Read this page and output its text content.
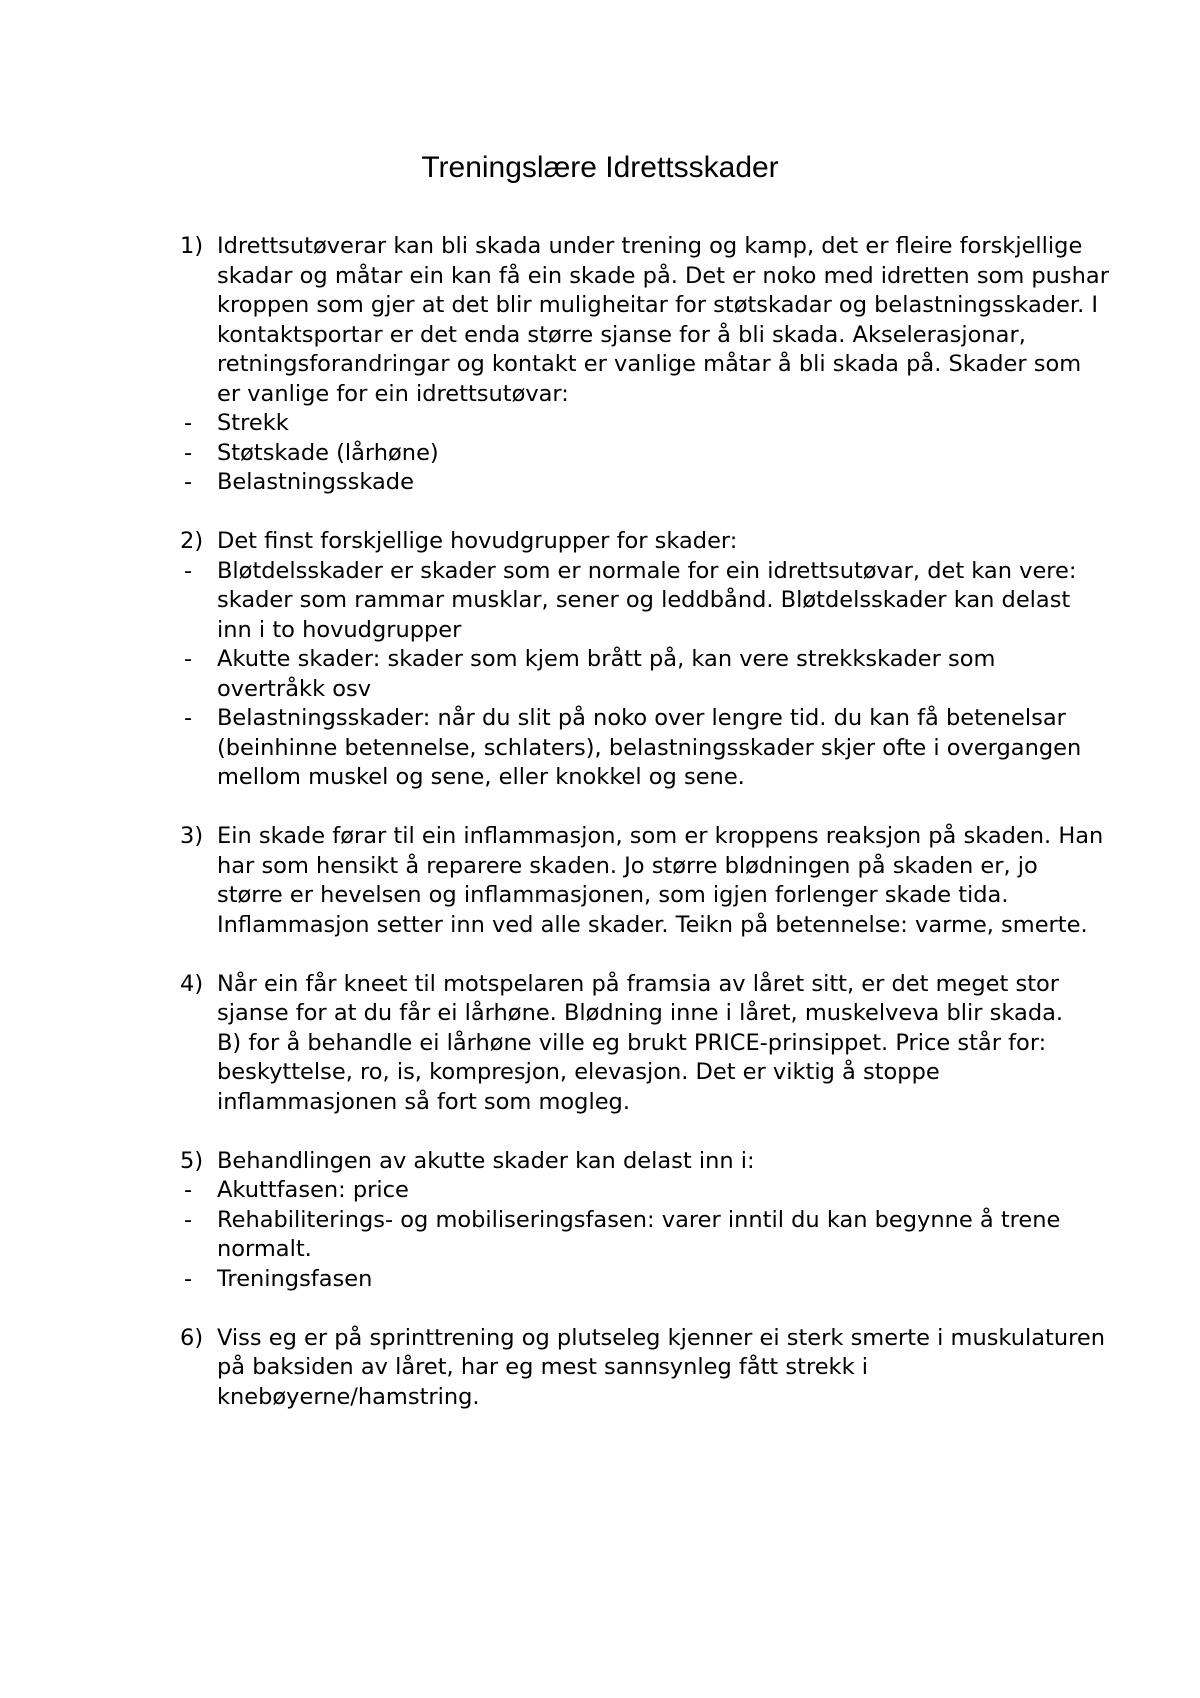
Treningslære Idrettsskader
1) Idrettsutøverar kan bli skada under trening og kamp, det er fleire forskjellige skadar og måtar ein kan få ein skade på. Det er noko med idretten som pushar kroppen som gjer at det blir muligheitar for støtskadar og belastningsskader. I kontaktsportar er det enda større sjanse for å bli skada. Akselerasjonar, retningsforandringar og kontakt er vanlige måtar å bli skada på. Skader som er vanlige for ein idrettsutøvar:
- Strekk
- Støtskade (lårhøne)
- Belastningsskade
2) Det finst forskjellige hovudgrupper for skader:
- Bløtdelsskader er skader som er normale for ein idrettsutøvar, det kan vere: skader som rammar musklar, sener og leddbånd. Bløtdelsskader kan delast inn i to hovudgrupper
- Akutte skader: skader som kjem brått på, kan vere strekkskader som overtråkk osv
- Belastningsskader: når du slit på noko over lengre tid. du kan få betenelsar (beinhinne betennelse, schlaters), belastningsskader skjer ofte i overgangen mellom muskel og sene, eller knokkel og sene.
3) Ein skade førar til ein inflammasjon, som er kroppens reaksjon på skaden. Han har som hensikt å reparere skaden. Jo større blødningen på skaden er, jo større er hevelsen og inflammasjonen, som igjen forlenger skade tida. Inflammasjon setter inn ved alle skader. Teikn på betennelse: varme, smerte.
4) Når ein får kneet til motspelaren på framsia av låret sitt, er det meget stor sjanse for at du får ei lårhøne. Blødning inne i låret, muskelveva blir skada.
B) for å behandle ei lårhøne ville eg brukt PRICE-prinsippet. Price står for: beskyttelse, ro, is, kompresjon, elevasjon. Det er viktig å stoppe inflammasjonen så fort som mogleg.
5) Behandlingen av akutte skader kan delast inn i:
- Akuttfasen: price
- Rehabiliterings- og mobiliseringsfasen: varer inntil du kan begynne å trene normalt.
- Treningsfasen
6) Viss eg er på sprinttrening og plutseleg kjenner ei sterk smerte i muskulaturen på baksiden av låret, har eg mest sannsynleg fått strekk i knebøyerne/hamstring.
